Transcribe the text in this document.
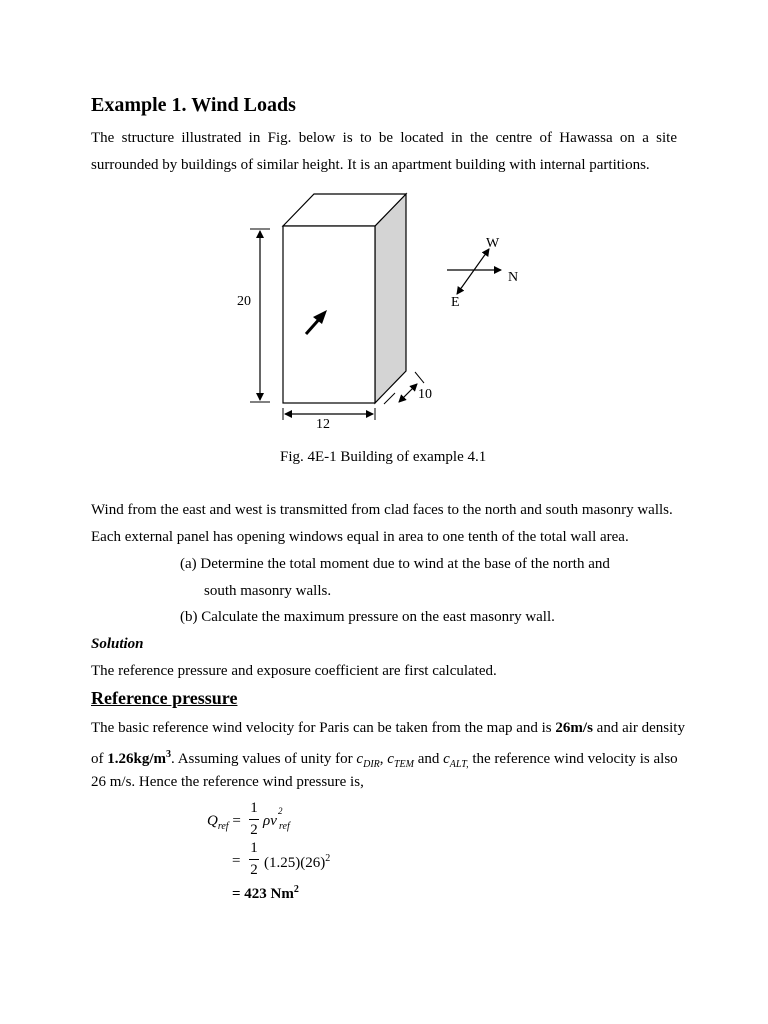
Example 1. Wind Loads
The structure illustrated in Fig. below is to be located in the centre of Hawassa on a site
surrounded by buildings of similar height. It is an apartment building with internal partitions.
20
12
10
W
N
E
Fig. 4E-1 Building of example 4.1
Wind from the east and west is transmitted from clad faces to the north and south masonry walls.
Each external panel has opening windows equal in area to one tenth of the total wall area.
(a) Determine the total moment due to wind at the base of the north and
south masonry walls.
(b) Calculate the maximum pressure on the east masonry wall.
Solution
The reference pressure and exposure coefficient are first calculated.
Reference pressure
The basic reference wind velocity for Paris can be taken from the map and is 26m/s and air density
of $1.26kg/m^3$. Assuming values of unity for $c_{DIR}$, $c_{TEM}$ and $c_{ALT,}$ the reference wind velocity is also
26 m/s. Hence the reference wind pressure is,
$Q_{ref}$ =
1
2
ρv
2
ref
=
1
2 $(1.25)(26)^2$
= 423 Nm$^2$
